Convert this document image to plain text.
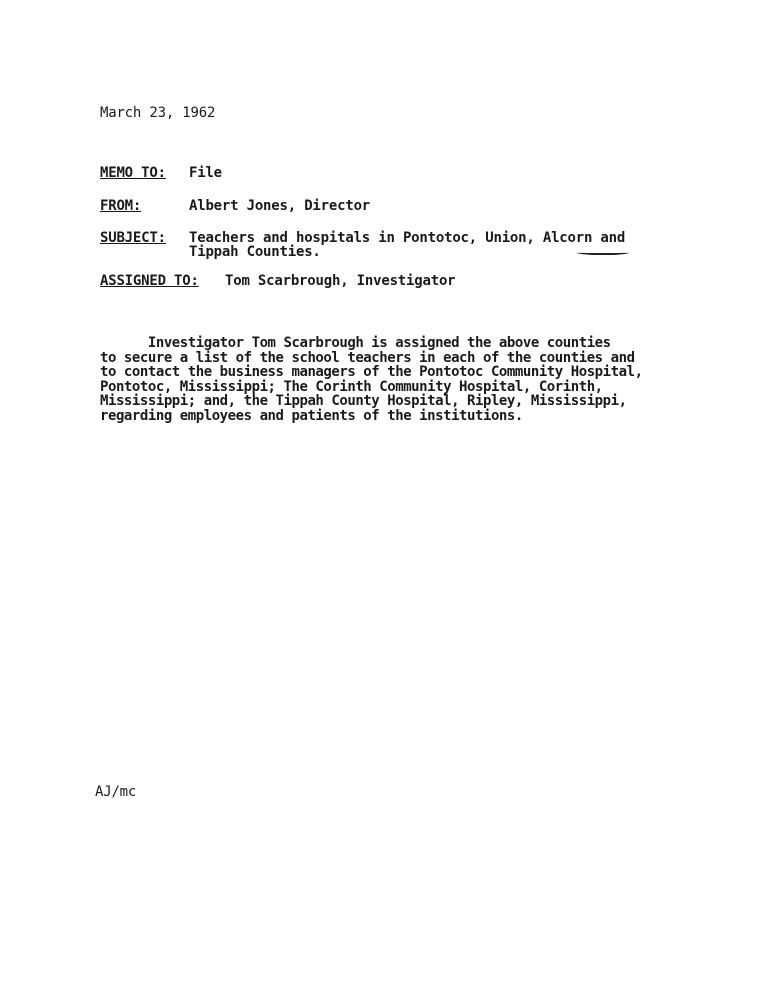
March 23, 1962
MEMO TO: File
FROM:	Albert Jones, Director
SUBJECT: Teachers and hospitals in Pontotoc, Union, Alcorn and
Tippah Counties.
ASSIGNED TO: Tom Scarbrough, Investigator
Investigator Tom Scarbrough is assigned the above counties
to secure a list of the school teachers in each of the counties and
to contact the business managers of the Pontotoc Community Hospital,
Pontotoc, Mississippi; The Corinth Community Hospital, Corinth,
Mississippi; and, the Tippah County Hospital, Ripley, Mississippi,
regarding employees and patients of the institutions.
AJ/mc
